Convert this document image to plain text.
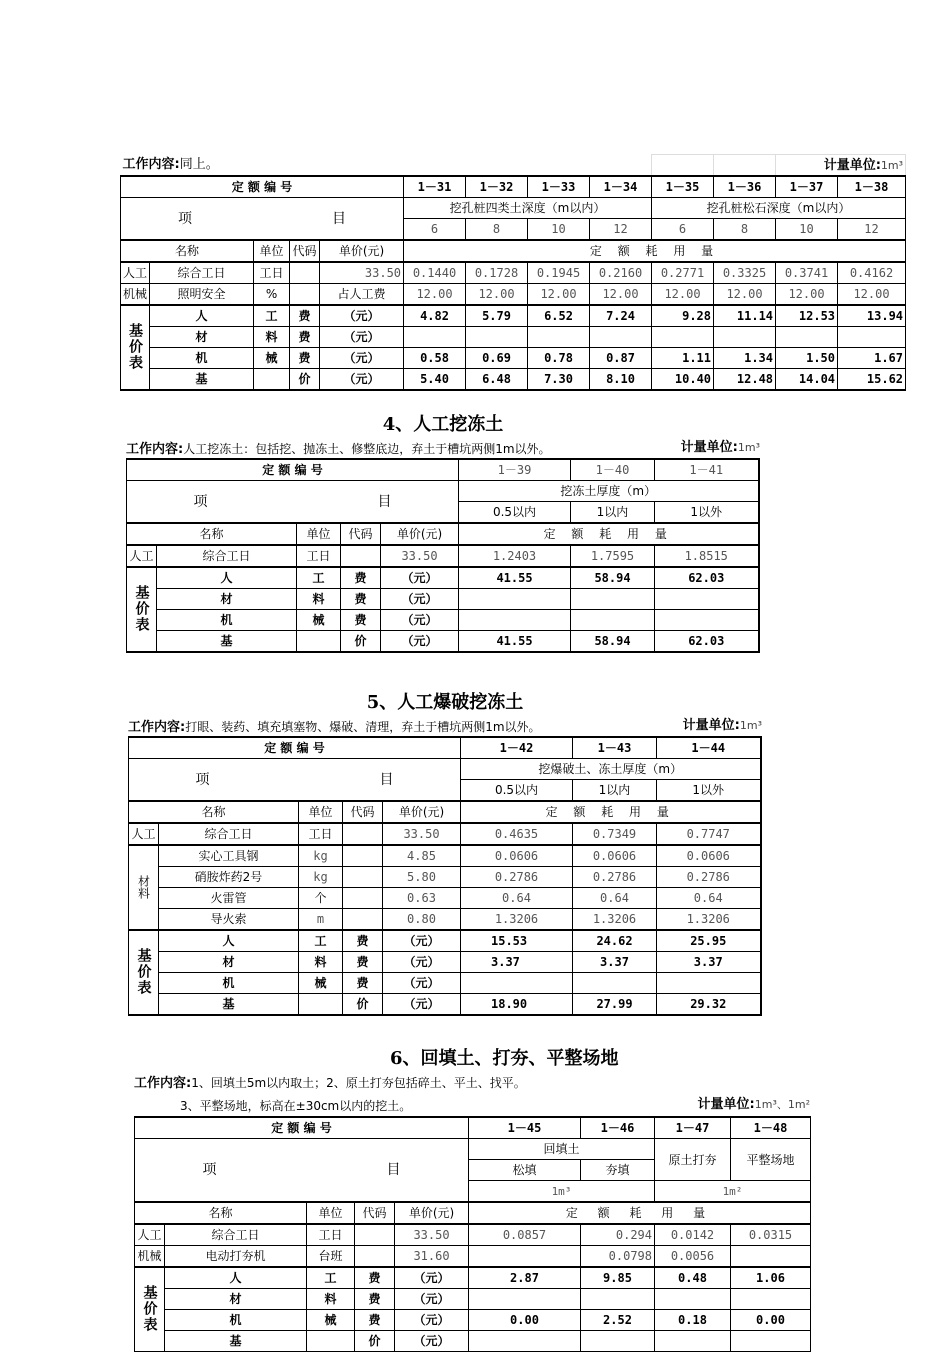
工作内容:同上。											计量单位:1m³	
定 额 编 号					1－31	1－32	1－33	1－34	1－35	1－36	1－37	1－38
项 目					挖孔桩四类土深度（m以内）				挖孔桩松石深度（m以内）			
					6	8	10	12	6	8	10	12
名称		单位	代码	单价(元)	定 额 耗 用 量							
人工	综合工日	工日		33.50	0.1440	0.1728	0.1945	0.2160	0.2771	0.3325	0.3741	0.4162
机械	照明安全	%		占人工费	12.00	12.00	12.00	12.00	12.00	12.00	12.00	12.00
基价表	人	工	费	（元）	4.82	5.79	6.52	7.24	9.28	11.14	12.53	13.94
	材	料	费	（元）								
	机	械	费	（元）	0.58	0.69	0.78	0.87	1.11	1.34	1.50	1.67
	基		价	（元）	5.40	6.48	7.30	8.10	10.40	12.48	14.04	15.62
4、人工挖冻土
工作内容:人工挖冻土：包括挖、抛冻土、修整底边，弃土于槽坑两侧1m以外。	计量单位:1m³
定 额 编 号					1－39	1－40	1－41
项 目					挖冻土厚度（m）		
					0.5以内	1以内	1以外
名称		单位	代码	单价(元)	定 额 耗 用 量		
人工	综合工日	工日		33.50	1.2403	1.7595	1.8515
基价表	人	工	费	（元）	41.55	58.94	62.03
	材	料	费	（元）			
	机	械	费	（元）			
	基		价	（元）	41.55	58.94	62.03
5、人工爆破挖冻土
工作内容:打眼、装药、填充填塞物、爆破、清理，弃土于槽坑两侧1m以外。	计量单位:1m³
定 额 编 号					1－42	1－43	1－44
项 目					挖爆破土、冻土厚度（m）		
					0.5以内	1以内	1以外
名称		单位	代码	单价(元)	定 额 耗 用 量		
人工	综合工日	工日		33.50	0.4635	0.7349	0.7747
材料	实心工具钢	kg		4.85	0.0606	0.0606	0.0606
	硝胺炸药2号	kg		5.80	0.2786	0.2786	0.2786
	火雷管	个		0.63	0.64	0.64	0.64
	导火索	m		0.80	1.3206	1.3206	1.3206
基价表	人	工	费	（元）	15.53	24.62	25.95
	材	料	费	（元）	3.37	3.37	3.37
	机	械	费	（元）			
	基		价	（元）	18.90	27.99	29.32
6、回填土、打夯、平整场地
工作内容:1、回填土5m以内取土；2、原土打夯包括碎土、平土、找平。
3、平整场地，标高在±30cm以内的挖土。	计量单位:1m³、1m²
定 额 编 号					1－45	1－46	1－47	1－48
项 目					回填土		原土打夯	平整场地
					松填	夯填		
					1m³		1m²	
名称		单位	代码	单价(元)	定 额 耗 用 量			
人工	综合工日	工日		33.50	0.0857	0.294	0.0142	0.0315
机械	电动打夯机	台班		31.60		0.0798	0.0056	
基价表	人	工	费	（元）	2.87	9.85	0.48	1.06
	材	料	费	（元）				
	机	械	费	（元）	0.00	2.52	0.18	0.00
	基		价	（元）				
